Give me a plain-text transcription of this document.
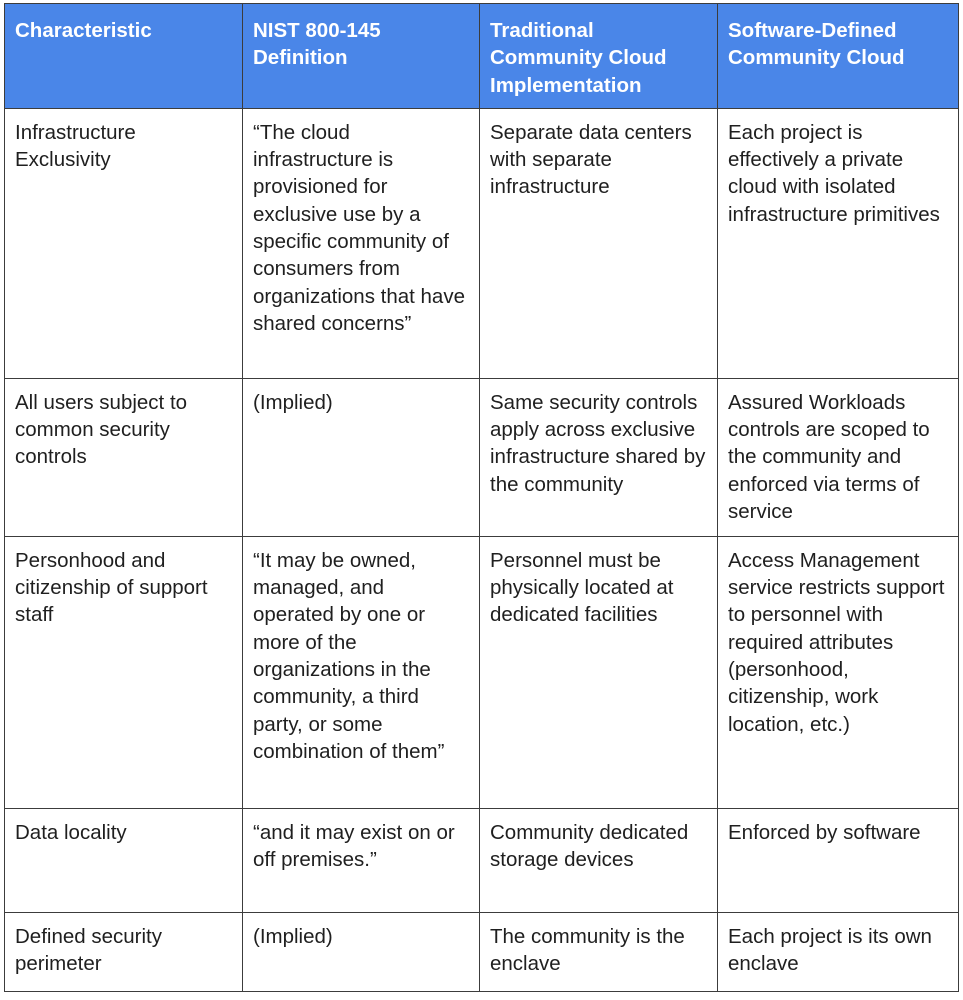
Characteristic	NIST 800-145 Definition	Traditional Community Cloud Implementation	Software-Defined Community Cloud
Infrastructure Exclusivity	“The cloud infrastructure is provisioned for exclusive use by a specific community of consumers from organizations that have shared concerns”	Separate data centers with separate infrastructure	Each project is effectively a private cloud with isolated infrastructure primitives
All users subject to common security controls	(Implied)	Same security controls apply across exclusive infrastructure shared by the community	Assured Workloads controls are scoped to the community and enforced via terms of service
Personhood and citizenship of support staff	“It may be owned, managed, and operated by one or more of the organizations in the community, a third party, or some combination of them”	Personnel must be physically located at dedicated facilities	Access Management service restricts support to personnel with required attributes (personhood, citizenship, work location, etc.)
Data locality	“and it may exist on or off premises.”	Community dedicated storage devices	Enforced by software
Defined security perimeter	(Implied)	The community is the enclave	Each project is its own enclave
